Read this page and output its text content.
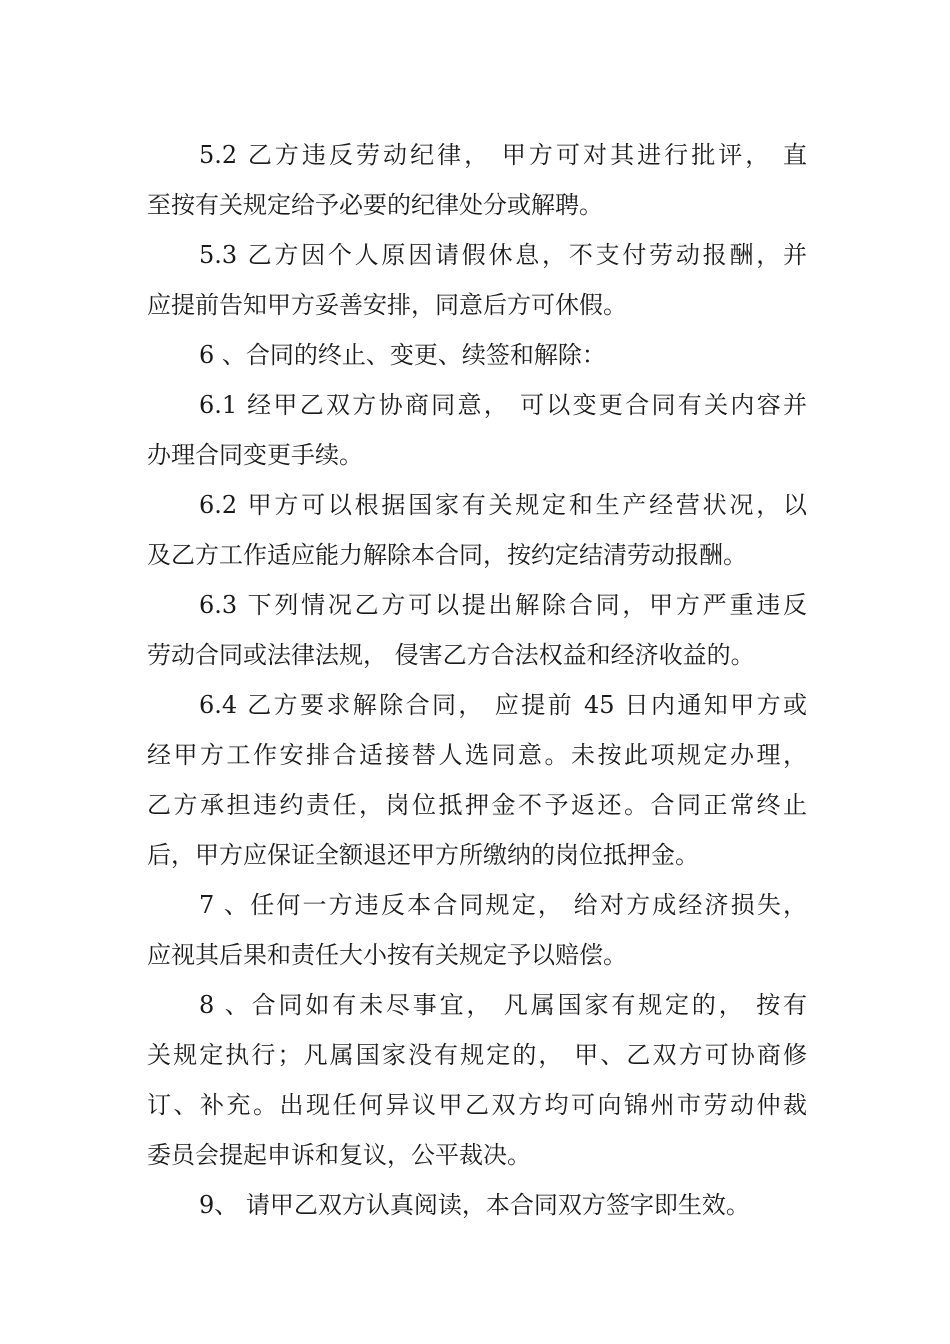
5.2 乙方违反劳动纪律， 甲方可对其进行批评， 直
至按有关规定给予必要的纪律处分或解聘。
5.3 乙方因个人原因请假休息，不支付劳动报酬，并
应提前告知甲方妥善安排，同意后方可休假。
6 、合同的终止、变更、续签和解除：
6.1 经甲乙双方协商同意， 可以变更合同有关内容并
办理合同变更手续。
6.2 甲方可以根据国家有关规定和生产经营状况，以
及乙方工作适应能力解除本合同，按约定结清劳动报酬。
6.3 下列情况乙方可以提出解除合同，甲方严重违反
劳动合同或法律法规， 侵害乙方合法权益和经济收益的。
6.4 乙方要求解除合同， 应提前 45 日内通知甲方或
经甲方工作安排合适接替人选同意。未按此项规定办理，
乙方承担违约责任，岗位抵押金不予返还。合同正常终止
后，甲方应保证全额退还甲方所缴纳的岗位抵押金。
7 、任何一方违反本合同规定， 给对方成经济损失，
应视其后果和责任大小按有关规定予以赔偿。
8 、合同如有未尽事宜， 凡属国家有规定的， 按有
关规定执行；凡属国家没有规定的， 甲、乙双方可协商修
订、补充。出现任何异议甲乙双方均可向锦州市劳动仲裁
委员会提起申诉和复议，公平裁决。
9、 请甲乙双方认真阅读，本合同双方签字即生效。
